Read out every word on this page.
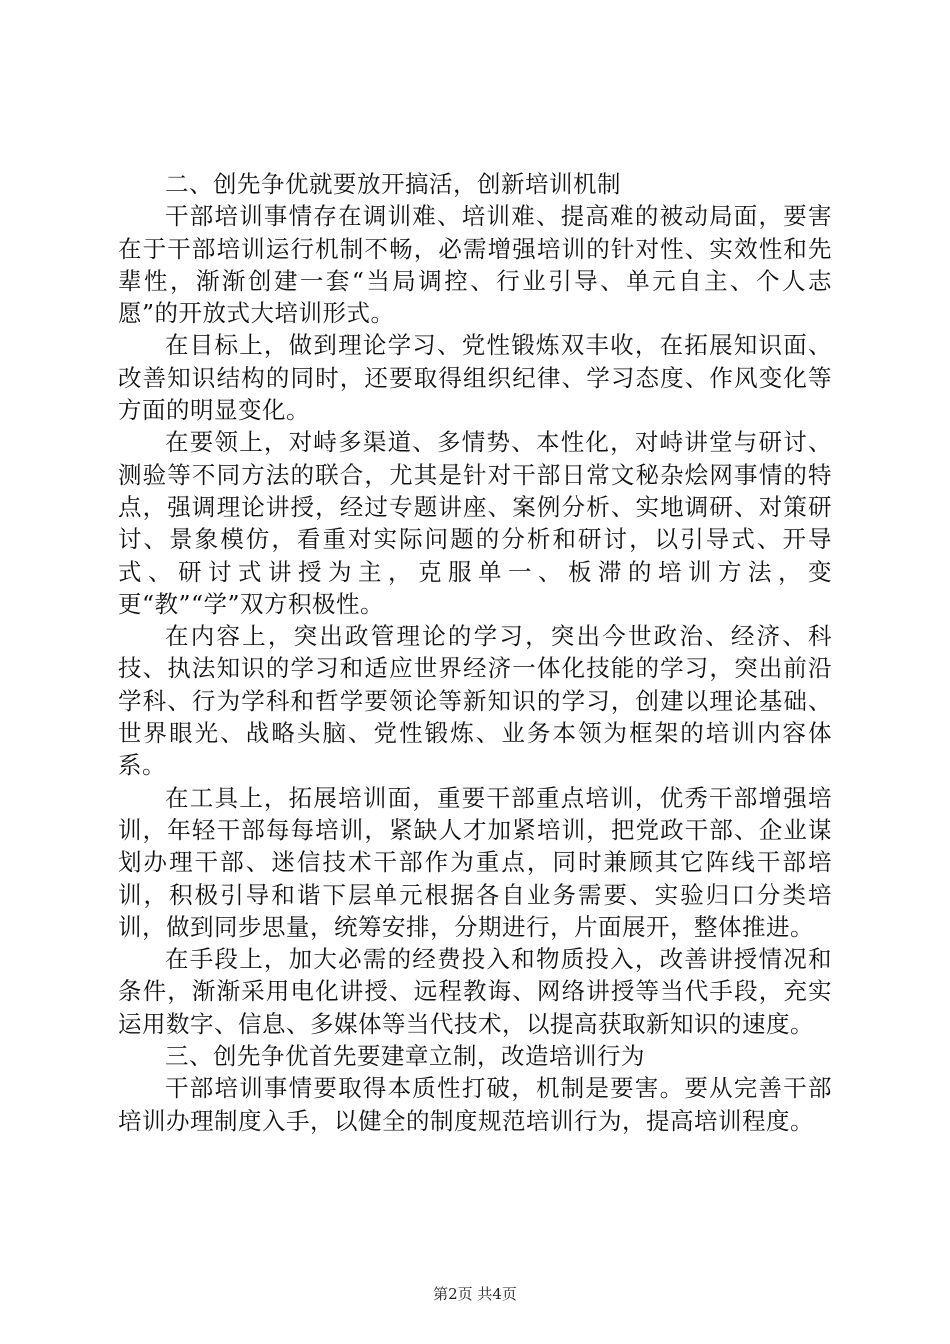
二、创先争优就要放开搞活，创新培训机制

干部培训事情存在调训难、培训难、提高难的被动局面，要害在于干部培训运行机制不畅，必需增强培训的针对性、实效性和先辈性，渐渐创建一套“当局调控、行业引导、单元自主、个人志愿”的开放式大培训形式。

在目标上，做到理论学习、党性锻炼双丰收，在拓展知识面、改善知识结构的同时，还要取得组织纪律、学习态度、作风变化等方面的明显变化。

在要领上，对峙多渠道、多情势、本性化，对峙讲堂与研讨、测验等不同方法的联合，尤其是针对干部日常文秘杂烩网事情的特点，强调理论讲授，经过专题讲座、案例分析、实地调研、对策研讨、景象模仿，看重对实际问题的分析和研讨，以引导式、开导式、研讨式讲授为主，克服单一、板滞的培训方法，变更“教”“学”双方积极性。

在内容上，突出政管理论的学习，突出今世政治、经济、科技、执法知识的学习和适应世界经济一体化技能的学习，突出前沿学科、行为学科和哲学要领论等新知识的学习，创建以理论基础、世界眼光、战略头脑、党性锻炼、业务本领为框架的培训内容体系。

在工具上，拓展培训面，重要干部重点培训，优秀干部增强培训，年轻干部每每培训，紧缺人才加紧培训，把党政干部、企业谋划办理干部、迷信技术干部作为重点，同时兼顾其它阵线干部培训，积极引导和谐下层单元根据各自业务需要、实验归口分类培训，做到同步思量，统筹安排，分期进行，片面展开，整体推进。

在手段上，加大必需的经费投入和物质投入，改善讲授情况和条件，渐渐采用电化讲授、远程教诲、网络讲授等当代手段，充实运用数字、信息、多媒体等当代技术，以提高获取新知识的速度。

三、创先争优首先要建章立制，改造培训行为

干部培训事情要取得本质性打破，机制是要害。要从完善干部培训办理制度入手，以健全的制度规范培训行为，提高培训程度。

第2页 共4页
